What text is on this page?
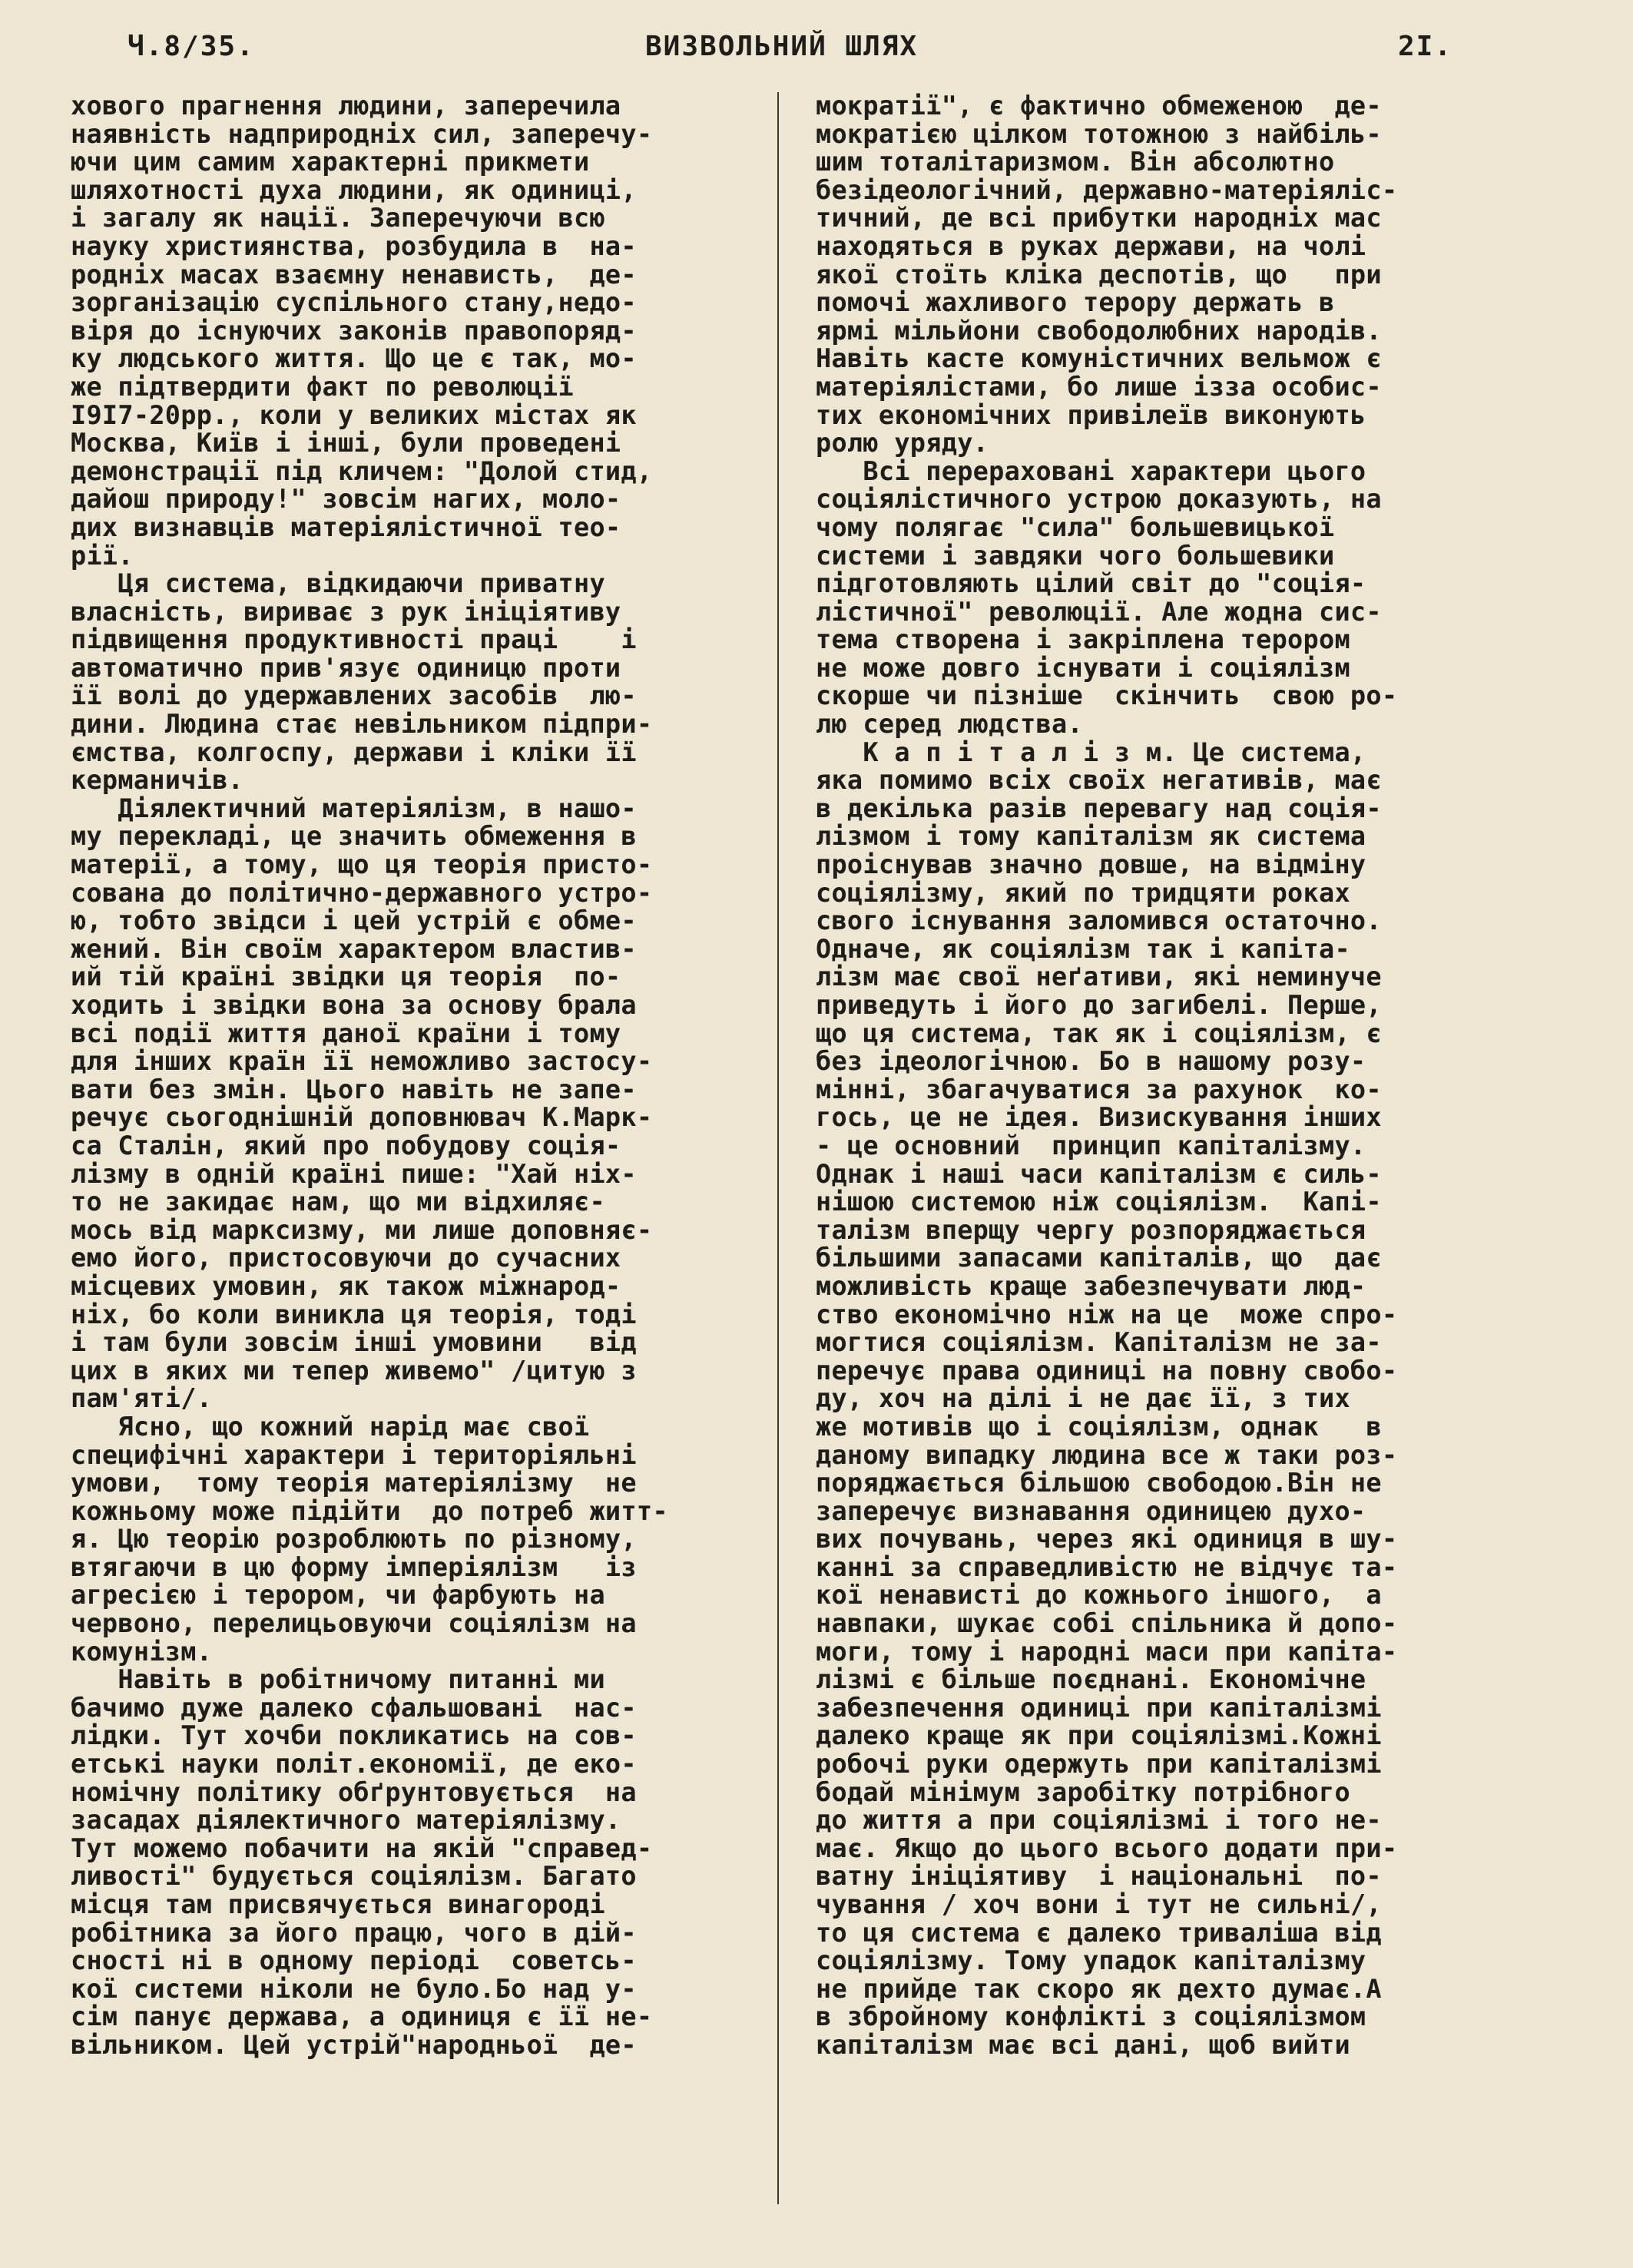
Ч.8/35.	ВИЗВОЛЬНИЙ ШЛЯХ	2І.
хового прагнення людини, заперечила
наявність надприродніх сил, заперечу-
ючи цим самим характерні прикмети
шляхотності духа людини, як одиниці,
і загалу як нації. Заперечуючи всю
науку християнства, розбудила в  на-
родніх масах взаємну ненависть,  де-
зорганізацію суспільного стану,недо-
віря до існуючих законів правопоряд-
ку людського життя. Що це є так, мо-
же підтвердити факт по революції
І9І7-20рр., коли у великих містах як
Москва, Київ і інші, були проведені
демонстрації під кличем: "Долой стид,
дайош природу!" зовсім нагих, моло-
дих визнавців матеріялістичної тео-
рії.
Ця система, відкидаючи приватну
власність, вириває з рук ініціятиву
підвищення продуктивності праці    і
автоматично прив'язує одиницю проти
її волі до удержавлених засобів  лю-
дини. Людина стає невільником підпри-
ємства, колгоспу, держави і кліки її
керманичів.
Діялектичний матеріялізм, в нашо-
му перекладі, це значить обмеження в
матерії, а тому, що ця теорія присто-
сована до політично-державного устро-
ю, тобто звідси і цей устрій є обме-
жений. Він своїм характером властив-
ий тій країні звідки ця теорія  по-
ходить і звідки вона за основу брала
всі події життя даної країни і тому
для інших країн її неможливо застосу-
вати без змін. Цього навіть не запе-
речує сьогоднішній доповнювач К.Марк-
са Сталін, який про побудову соція-
лізму в одній країні пише: "Хай ніх-
то не закидає нам, що ми відхиляє-
мось від марксизму, ми лише доповняє-
емо його, пристосовуючи до сучасних
місцевих умовин, як також міжнарод-
ніх, бо коли виникла ця теорія, тоді
і там були зовсім інші умовини   від
цих в яких ми тепер живемо" /цитую з
пам'яті/.
Ясно, що кожний нарід має свої
специфічні характери і територіяльні
умови,  тому теорія матеріялізму  не
кожньому може підійти  до потреб житт-
я. Цю теорію розроблюють по різному,
втягаючи в цю форму імперіялізм   із
агресією і терором, чи фарбують на
червоно, перелицьовуючи соціялізм на
комунізм.
Навіть в робітничому питанні ми
бачимо дуже далеко сфальшовані  нас-
лідки. Тут хочби покликатись на сов-
етські науки політ.економії, де еко-
номічну політику обґрунтовується  на
засадах діялектичного матеріялізму.
Тут можемо побачити на якій "справед-
ливості" будується соціялізм. Багато
місця там присвячується винагороді
робітника за його працю, чого в дій-
сності ні в одному періоді  советсь-
кої системи ніколи не було.Бо над у-
сім панує держава, а одиниця є її не-
вільником. Цей устрій"народньої  де-
мократії", є фактично обмеженою  де-
мократією цілком тотожною з найбіль-
шим тоталітаризмом. Він абсолютно
безідеологічний, державно-матеріяліс-
тичний, де всі прибутки народніх мас
находяться в руках держави, на чолі
якої стоїть кліка деспотів, що   при
помочі жахливого терору держать в
ярмі мільйони свободолюбних народів.
Навіть касте комуністичних вельмож є
матеріялістами, бо лише ізза особис-
тих економічних привілеїв виконують
ролю уряду.
Всі перераховані характери цього
соціялістичного устрою доказують, на
чому полягає "сила" большевицької
системи і завдяки чого большевики
підготовляють цілий світ до "соція-
лістичної" революції. Але жодна сис-
тема створена і закріплена терором
не може довго існувати і соціялізм
скорше чи пізніше  скінчить  свою ро-
лю серед людства.
К а п і т а л і з м. Це система,
яка помимо всіх своїх негативів, має
в декілька разів перевагу над соція-
лізмом і тому капіталізм як система
проіснував значно довше, на відміну
соціялізму, який по тридцяти роках
свого існування заломився остаточно.
Одначе, як соціялізм так і капіта-
лізм має свої неґативи, які неминуче
приведуть і його до загибелі. Перше,
що ця система, так як і соціялізм, є
без ідеологічною. Бо в нашому розу-
мінні, збагачуватися за рахунок  ко-
гось, це не ідея. Визискування інших
- це основний  принцип капіталізму.
Однак і наші часи капіталізм є силь-
нішою системою ніж соціялізм.  Капі-
талізм вперщу чергу розпоряджається
більшими запасами капіталів, що  дає
можливість краще забезпечувати люд-
ство економічно ніж на це  може спро-
могтися соціялізм. Капіталізм не за-
перечує права одиниці на повну свобо-
ду, хоч на ділі і не дає її, з тих
же мотивів що і соціялізм, однак   в
даному випадку людина все ж таки роз-
поряджається більшою свободою.Він не
заперечує визнавання одиницею духо-
вих почувань, через які одиниця в шу-
канні за справедливістю не відчує та-
кої ненависті до кожнього іншого,  а
навпаки, шукає собі спільника й допо-
моги, тому і народні маси при капіта-
лізмі є більше поєднані. Економічне
забезпечення одиниці при капіталізмі
далеко краще як при соціялізмі.Кожні
робочі руки одержуть при капіталізмі
бодай мінімум заробітку потрібного
до життя а при соціялізмі і того не-
має. Якщо до цього всього додати при-
ватну ініціятиву  і національні  по-
чування / хоч вони і тут не сильні/,
то ця система є далеко триваліша від
соціялізму. Тому упадок капіталізму
не прийде так скоро як дехто думає.А
в збройному конфлікті з соціялізмом
капіталізм має всі дані, щоб вийти
